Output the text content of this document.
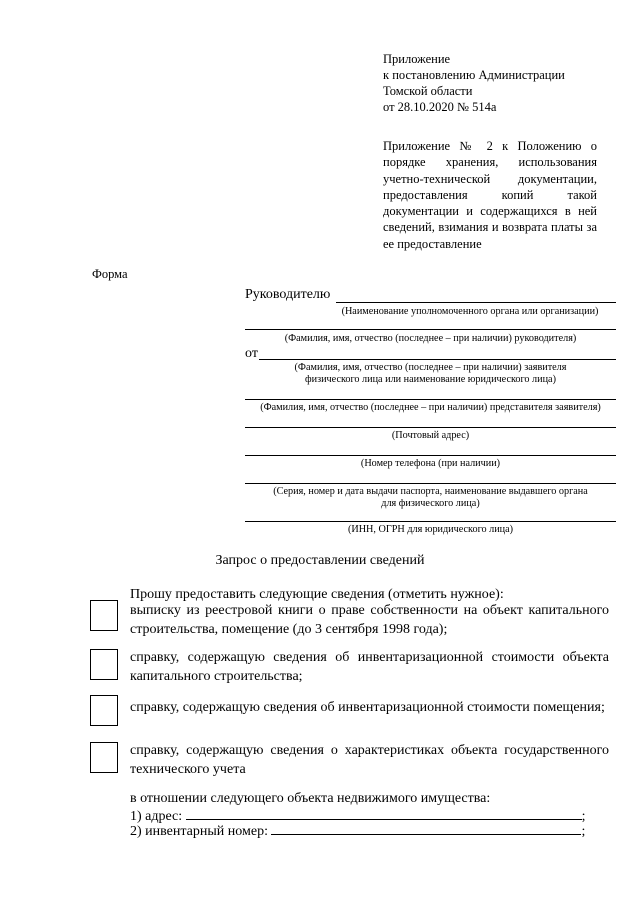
Приложение
к постановлению Администрации
Томской области
от 28.10.2020 № 514а
Приложение № 2 к Положению о порядке хранения, использования учетно-технической документации, предоставления копий такой документации и содержащихся в ней сведений, взимания и возврата платы за ее предоставление
Форма
Руководителю
(Наименование уполномоченного органа или организации)
(Фамилия, имя, отчество (последнее – при наличии) руководителя)
от
(Фамилия, имя, отчество (последнее – при наличии) заявителя
физического лица или наименование юридического лица)
(Фамилия, имя, отчество (последнее – при наличии) представителя заявителя)
(Почтовый адрес)
(Номер телефона (при наличии)
(Серия, номер и дата выдачи паспорта, наименование выдавшего органа
для физического лица)
(ИНН, ОГРН для юридического лица)
Запрос о предоставлении сведений
Прошу предоставить следующие сведения (отметить нужное):
выписку из реестровой книги о праве собственности на объект капитального строительства, помещение (до 3 сентября 1998 года);
справку, содержащую сведения об инвентаризационной стоимости объекта капитального строительства;
справку, содержащую сведения об инвентаризационной стоимости помещения;
справку, содержащую сведения о характеристиках объекта государственного технического учета
в отношении следующего объекта недвижимого имущества:
1) адрес:	;
2) инвентарный номер:	;
